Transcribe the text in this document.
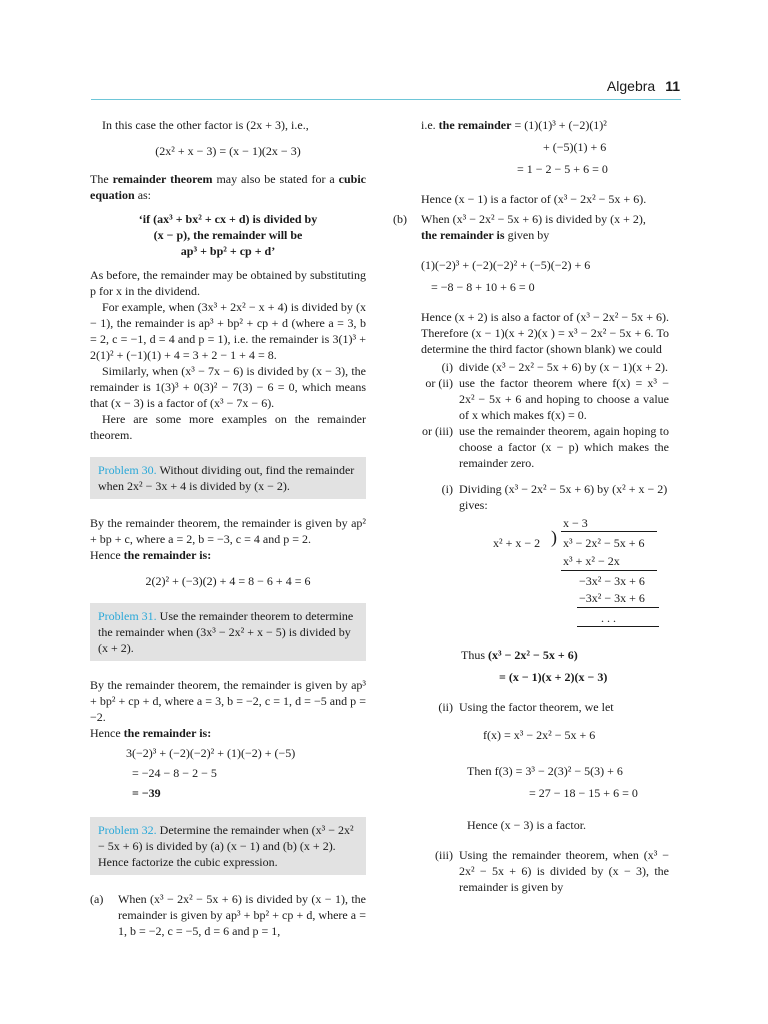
Algebra 11

In this case the other factor is (2x + 3), i.e.,

(2x² + x − 3) = (x − 1)(2x − 3)

The remainder theorem may also be stated for a cubic equation as:

‘if (ax³ + bx² + cx + d) is divided by

(x − p), the remainder will be

ap³ + bp² + cp + d’

As before, the remainder may be obtained by substituting p for x in the dividend.

For example, when (3x³ + 2x² − x + 4) is divided by (x − 1), the remainder is ap³ + bp² + cp + d (where a = 3, b = 2, c = −1, d = 4 and p = 1), i.e. the remainder is 3(1)³ + 2(1)² + (−1)(1) + 4 = 3 + 2 − 1 + 4 = 8.

Similarly, when (x³ − 7x − 6) is divided by (x − 3), the remainder is 1(3)³ + 0(3)² − 7(3) − 6 = 0, which means that (x − 3) is a factor of (x³ − 7x − 6).

Here are some more examples on the remainder theorem.

Problem 30. Without dividing out, find the remainder when 2x² − 3x + 4 is divided by (x − 2).

By the remainder theorem, the remainder is given by ap² + bp + c, where a = 2, b = −3, c = 4 and p = 2.

Hence the remainder is:

2(2)² + (−3)(2) + 4 = 8 − 6 + 4 = 6

Problem 31. Use the remainder theorem to determine the remainder when (3x³ − 2x² + x − 5) is divided by (x + 2).

By the remainder theorem, the remainder is given by ap³ + bp² + cp + d, where a = 3, b = −2, c = 1, d = −5 and p = −2.

Hence the remainder is:

3(−2)³ + (−2)(−2)² + (1)(−2) + (−5)

= −24 − 8 − 2 − 5

= −39

Problem 32. Determine the remainder when (x³ − 2x² − 5x + 6) is divided by (a) (x − 1) and (b) (x + 2). Hence factorize the cubic expression.
(a)	When (x³ − 2x² − 5x + 6) is divided by (x − 1), the remainder is given by ap³ + bp² + cp + d, where a = 1, b = −2, c = −5, d = 6 and p = 1,

i.e. the remainder = (1)(1)³ + (−2)(1)²

+ (−5)(1) + 6

= 1 − 2 − 5 + 6 = 0

Hence (x − 1) is a factor of (x³ − 2x² − 5x + 6).

(b)	When (x³ − 2x² − 5x + 6) is divided by (x + 2),

the remainder is given by

(1)(−2)³ + (−2)(−2)² + (−5)(−2) + 6

= −8 − 8 + 10 + 6 = 0

Hence (x + 2) is also a factor of (x³ − 2x² − 5x + 6). Therefore (x − 1)(x + 2)(x ) = x³ − 2x² − 5x + 6. To determine the third factor (shown blank) we could

(i) divide (x³ − 2x² − 5x + 6) by (x − 1)(x + 2).
or (ii) use the factor theorem where f(x) = x³ − 2x² − 5x + 6 and hoping to choose a value of x which makes f(x) = 0.
or (iii) use the remainder theorem, again hoping to choose a factor (x − p) which makes the remainder zero.
(i) Dividing (x³ − 2x² − 5x + 6) by (x² + x − 2) gives:
x − 3
x² + x − 2 ) x³ − 2x² − 5x + 6
x³ + x² − 2x
−3x² − 3x + 6
−3x² − 3x + 6
. . .

Thus (x³ − 2x² − 5x + 6)

= (x − 1)(x + 2)(x − 3)

(ii) Using the factor theorem, we let

f(x) = x³ − 2x² − 5x + 6

Then f(3) = 3³ − 2(3)² − 5(3) + 6

= 27 − 18 − 15 + 6 = 0

Hence (x − 3) is a factor.

(iii) Using the remainder theorem, when (x³ − 2x² − 5x + 6) is divided by (x − 3), the remainder is given by
